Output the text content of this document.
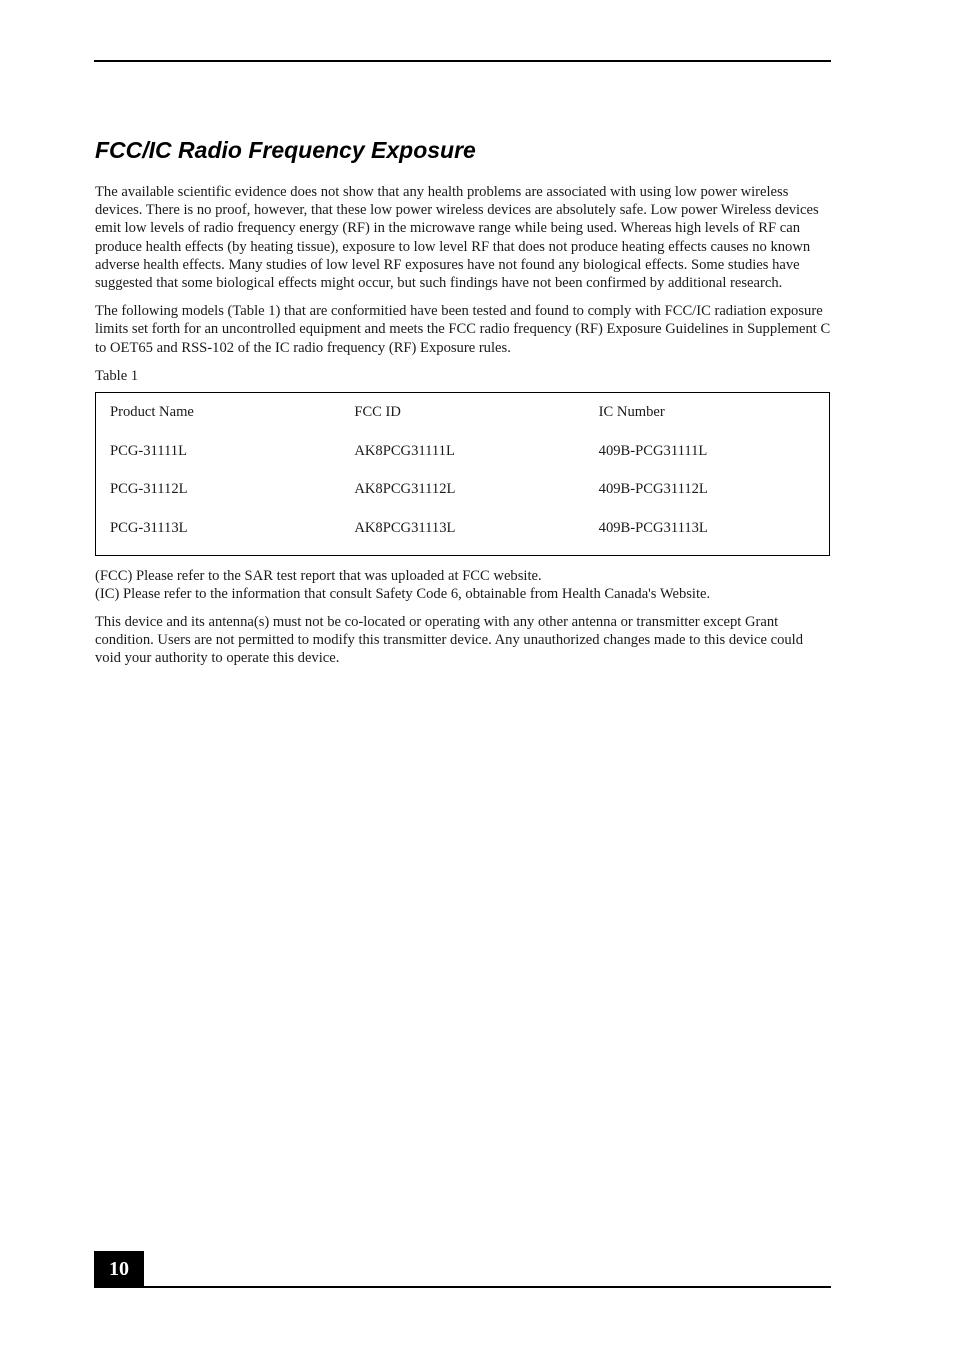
FCC/IC Radio Frequency Exposure

The available scientific evidence does not show that any health problems are associated with using low power wireless devices. There is no proof, however, that these low power wireless devices are absolutely safe. Low power Wireless devices emit low levels of radio frequency energy (RF) in the microwave range while being used. Whereas high levels of RF can produce health effects (by heating tissue), exposure to low level RF that does not produce heating effects causes no known adverse health effects. Many studies of low level RF exposures have not found any biological effects. Some studies have suggested that some biological effects might occur, but such findings have not been confirmed by additional research.

The following models (Table 1) that are conformitied have been tested and found to comply with FCC/IC radiation exposure limits set forth for an uncontrolled equipment and meets the FCC radio frequency (RF) Exposure Guidelines in Supplement C to OET65 and RSS-102 of the IC radio frequency (RF) Exposure rules.

Table 1
Product Name	FCC ID	IC Number
PCG-31111L	AK8PCG31111L	409B-PCG31111L
PCG-31112L	AK8PCG31112L	409B-PCG31112L
PCG-31113L	AK8PCG31113L	409B-PCG31113L
(FCC) Please refer to the SAR test report that was uploaded at FCC website.
(IC) Please refer to the information that consult Safety Code 6, obtainable from Health Canada's Website.

This device and its antenna(s) must not be co-located or operating with any other antenna or transmitter except Grant condition. Users are not permitted to modify this transmitter device. Any unauthorized changes made to this device could void your authority to operate this device.

10
